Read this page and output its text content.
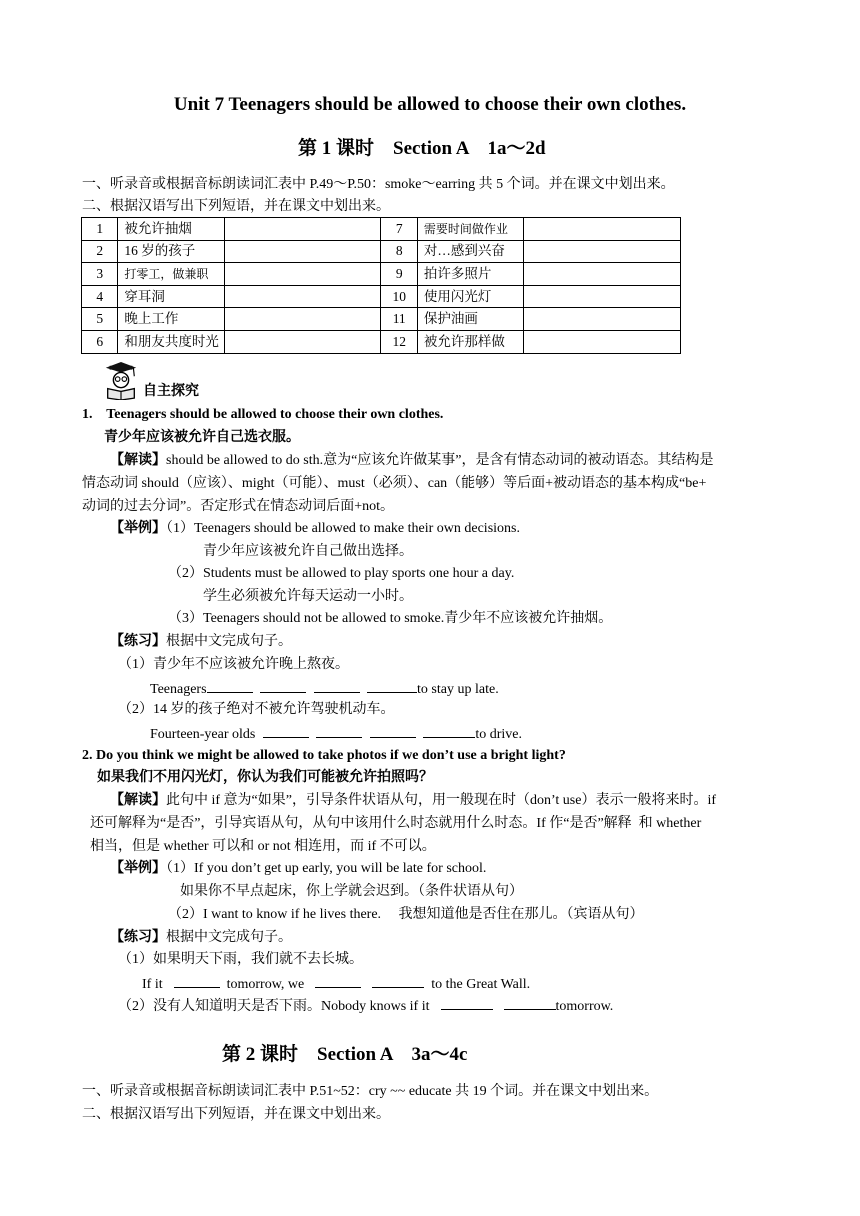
Unit 7 Teenagers should be allowed to choose their own clothes.
第 1 课时    Section A    1a～2d
一、听录音或根据音标朗读词汇表中 P.49～P.50：smoke～earring 共 5 个词。并在课文中划出来。
二、根据汉语写出下列短语，并在课文中划出来。
1	被允许抽烟		7	需要时间做作业	
2	16 岁的孩子		8	对…感到兴奋	
3	打零工，做兼职		9	拍许多照片	
4	穿耳洞		10	使用闪光灯	
5	晚上工作		11	保护油画	
6	和朋友共度时光		12	被允许那样做	
自主探究
1.    Teenagers should be allowed to choose their own clothes.
青少年应该被允许自己选衣服。
【解读】should be allowed to do sth.意为“应该允许做某事”，是含有情态动词的被动语态。其结构是
情态动词 should（应该）、might（可能）、must（必须）、can（能够）等后面+被动语态的基本构成“be+
动词的过去分词”。否定形式在情态动词后面+not。
【举例】（1）Teenagers should be allowed to make their own decisions.
青少年应该被允许自己做出选择。
（2）Students must be allowed to play sports one hour a day.
学生必须被允许每天运动一小时。
（3）Teenagers should not be allowed to smoke.青少年不应该被允许抽烟。
【练习】根据中文完成句子。
（1）青少年不应该被允许晚上熬夜。
Teenagers	to stay up late.
（2）14 岁的孩子绝对不被允许驾驶机动车。
Fourteen-year olds	to drive.
2. Do you think we might be allowed to take photos if we don’t use a bright light?
如果我们不用闪光灯，你认为我们可能被允许拍照吗？
【解读】此句中 if 意为“如果”，引导条件状语从句，用一般现在时（don’t use）表示一般将来时。if
还可解释为“是否”，引导宾语从句，从句中该用什么时态就用什么时态。If 作“是否”解释  和 whether
相当，但是 whether 可以和 or not 相连用，而 if 不可以。
【举例】（1）If you don’t get up early, you will be late for school.
如果你不早点起床，你上学就会迟到。（条件状语从句）
（2）I want to know if he lives there.     我想知道他是否住在那儿。（宾语从句）
【练习】根据中文完成句子。
（1）如果明天下雨，我们就不去长城。
If it	tomorrow, we	to the Great Wall.
（2）没有人知道明天是否下雨。Nobody knows if it	tomorrow.
第 2 课时    Section A    3a～4c
一、听录音或根据音标朗读词汇表中 P.51~52：cry ~~ educate 共 19 个词。并在课文中划出来。
二、根据汉语写出下列短语，并在课文中划出来。
